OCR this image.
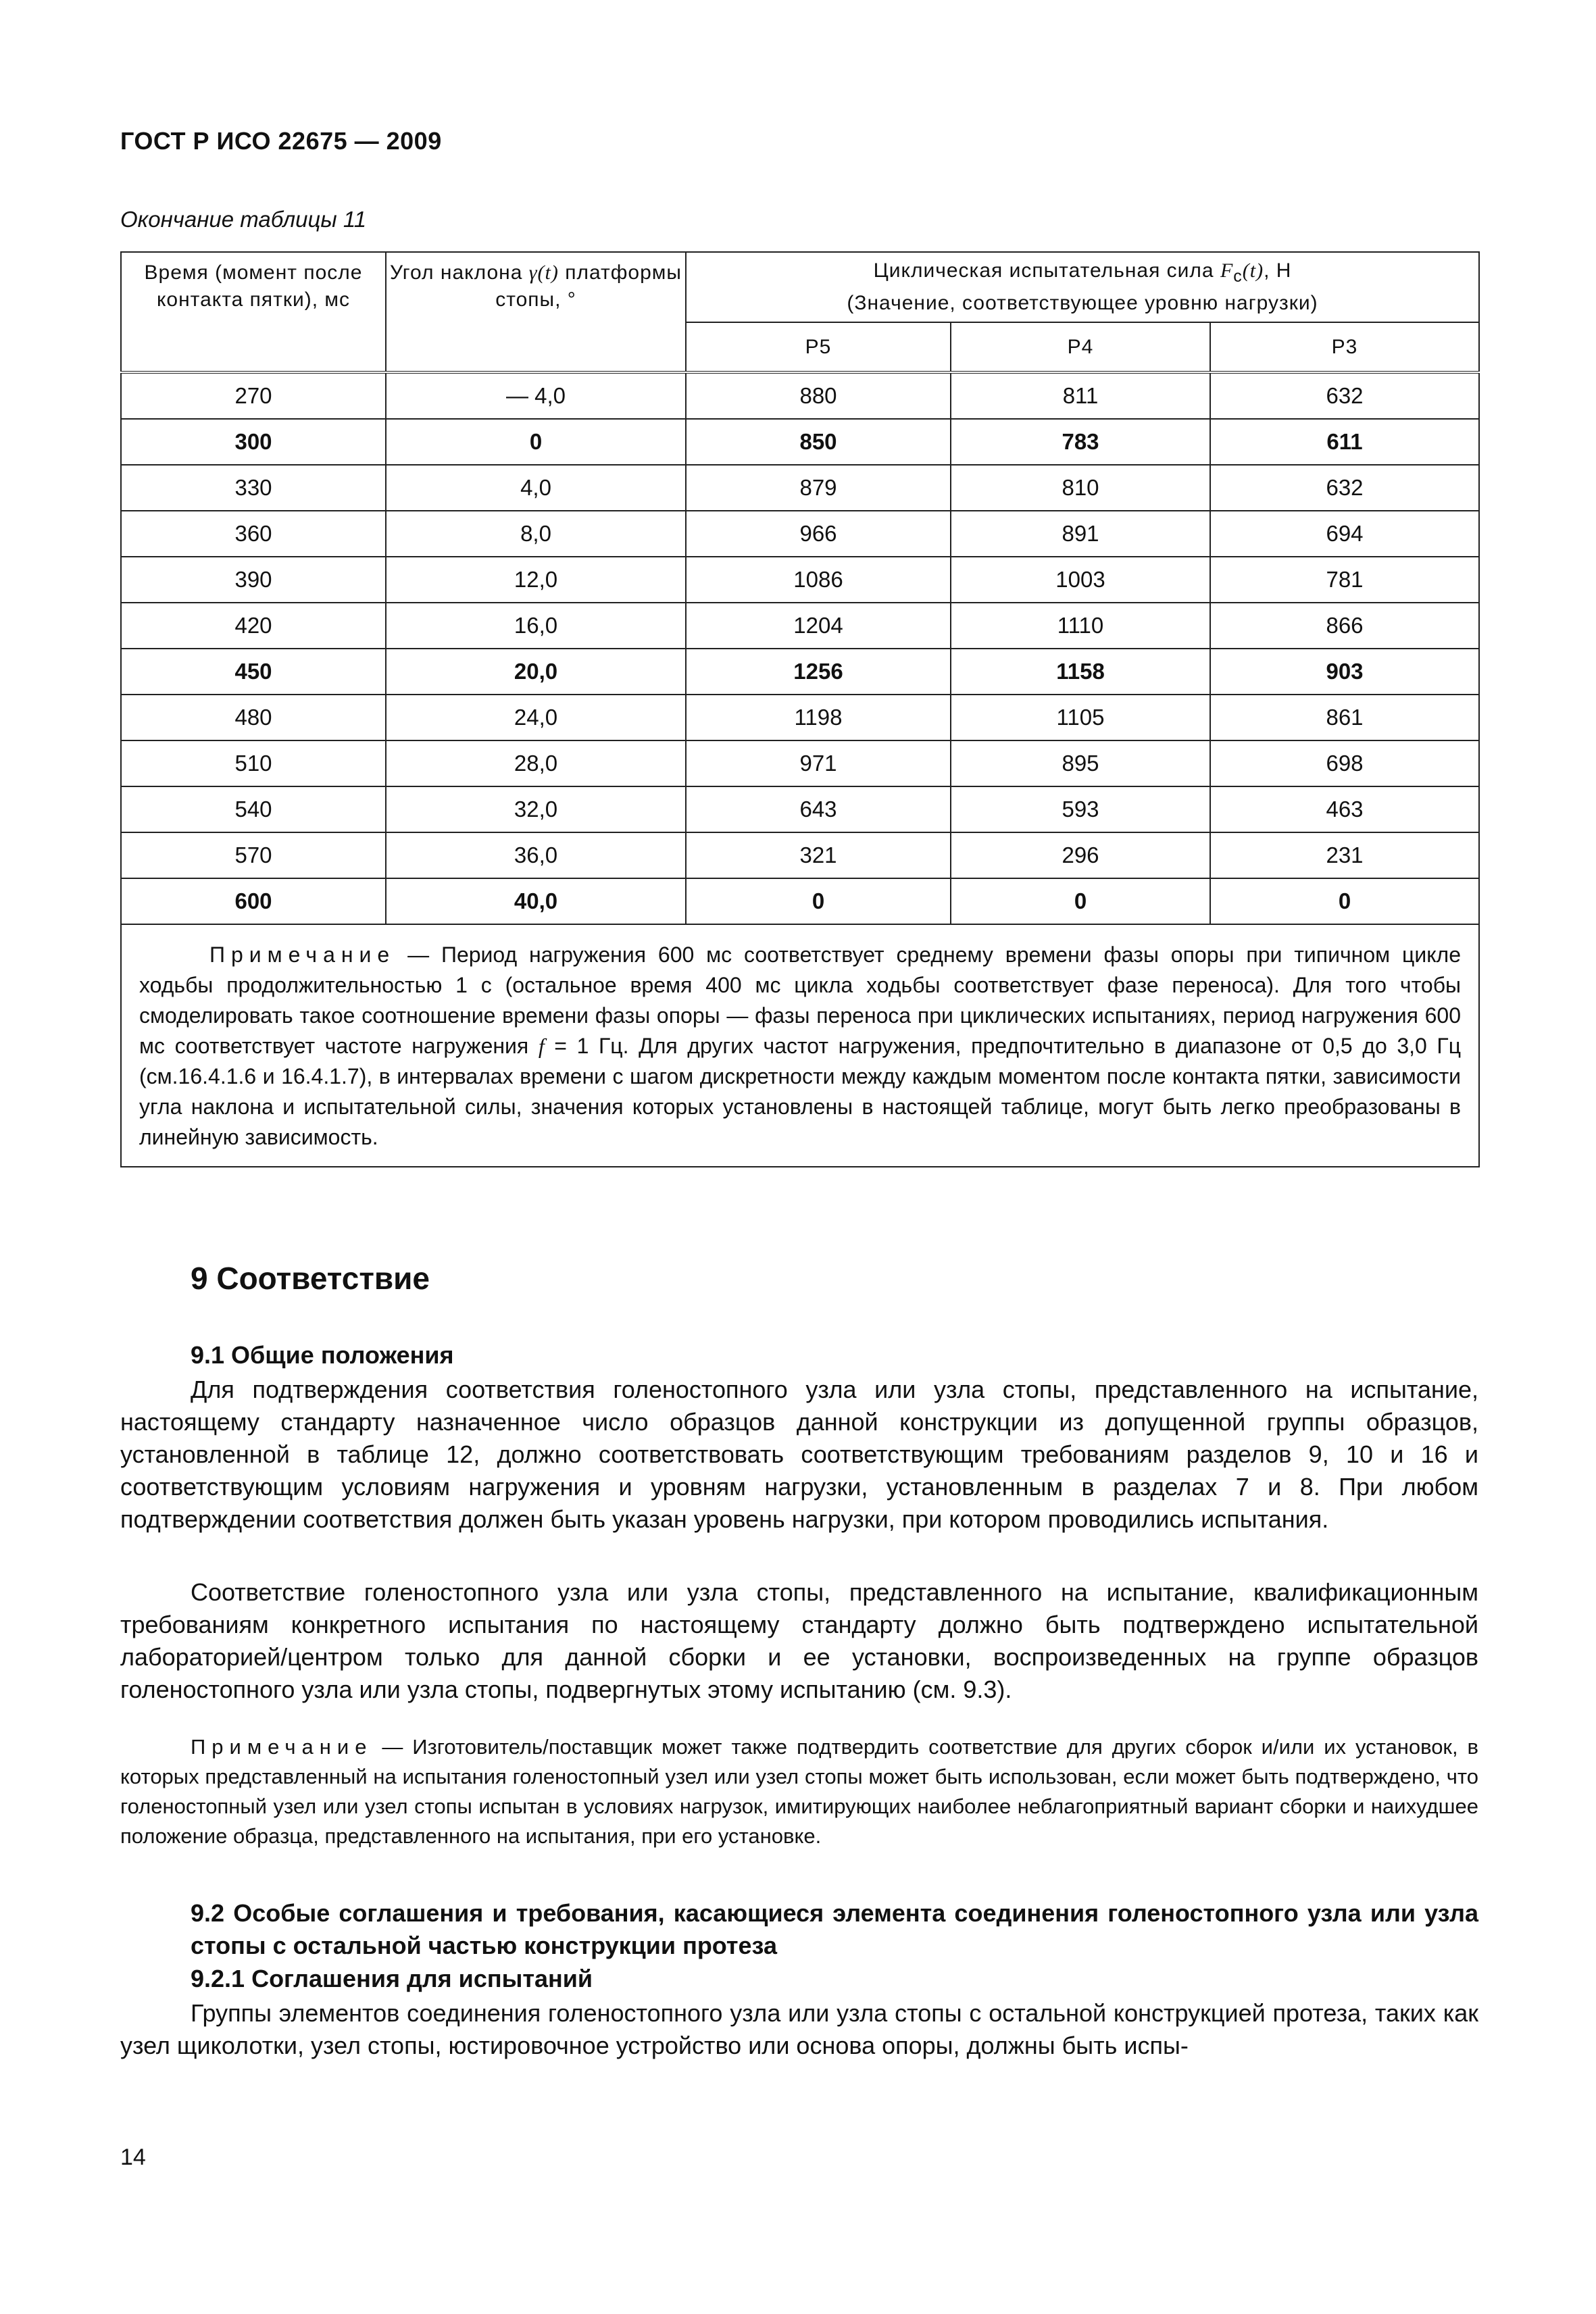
ГОСТ Р ИСО 22675 — 2009
Окончание таблицы 11
Время (момент после контакта пятки), мс	Угол наклона γ(t) платформы стопы, °	Циклическая испытательная сила $F_c(t)$, Н
(Значение, соответствующее уровню нагрузки)		
		P5	P4	P3
270	— 4,0	880	811	632
300	0	850	783	611
330	4,0	879	810	632
360	8,0	966	891	694
390	12,0	1086	1003	781
420	16,0	1204	1110	866
450	20,0	1256	1158	903
480	24,0	1198	1105	861
510	28,0	971	895	698
540	32,0	643	593	463
570	36,0	321	296	231
600	40,0	0	0	0
Примечание — Период нагружения 600 мс соответствует среднему времени фазы опоры при типичном цикле ходьбы продолжительностью 1 с (остальное время 400 мс цикла ходьбы соответствует фазе переноса). Для того чтобы смоделировать такое соотношение времени фазы опоры — фазы переноса при циклических испытаниях, период нагружения 600 мс соответствует частоте нагружения f = 1 Гц. Для других частот нагружения, предпочтительно в диапазоне от 0,5 до 3,0 Гц (см.16.4.1.6 и 16.4.1.7), в интервалах времени с шагом дискретности между каждым моментом после контакта пятки, зависимости угла наклона и испытательной силы, значения которых установлены в настоящей таблице, могут быть легко преобразованы в линейную зависимость.				
9 Соответствие
9.1 Общие положения
Для подтверждения соответствия голеностопного узла или узла стопы, представленного на испытание, настоящему стандарту назначенное число образцов данной конструкции из допущенной группы образцов, установленной в таблице 12, должно соответствовать соответствующим требованиям разделов 9, 10 и 16 и соответствующим условиям нагружения и уровням нагрузки, установленным в разделах 7 и 8. При любом подтверждении соответствия должен быть указан уровень нагрузки, при котором проводились испытания.
Соответствие голеностопного узла или узла стопы, представленного на испытание, квалификационным требованиям конкретного испытания по настоящему стандарту должно быть подтверждено испытательной лабораторией/центром только для данной сборки и ее установки, воспроизведенных на группе образцов голеностопного узла или узла стопы, подвергнутых этому испытанию (см. 9.3).
Примечание — Изготовитель/поставщик может также подтвердить соответствие для других сборок и/или их установок, в которых представленный на испытания голеностопный узел или узел стопы может быть использован, если может быть подтверждено, что голеностопный узел или узел стопы испытан в условиях нагрузок, имитирующих наиболее неблагоприятный вариант сборки и наихудшее положение образца, представленного на испытания, при его установке.
9.2 Особые соглашения и требования, касающиеся элемента соединения голеностопного узла или узла стопы с остальной частью конструкции протеза
9.2.1 Соглашения для испытаний
Группы элементов соединения голеностопного узла или узла стопы с остальной конструкцией протеза, таких как узел щиколотки, узел стопы, юстировочное устройство или основа опоры, должны быть испы-
14
